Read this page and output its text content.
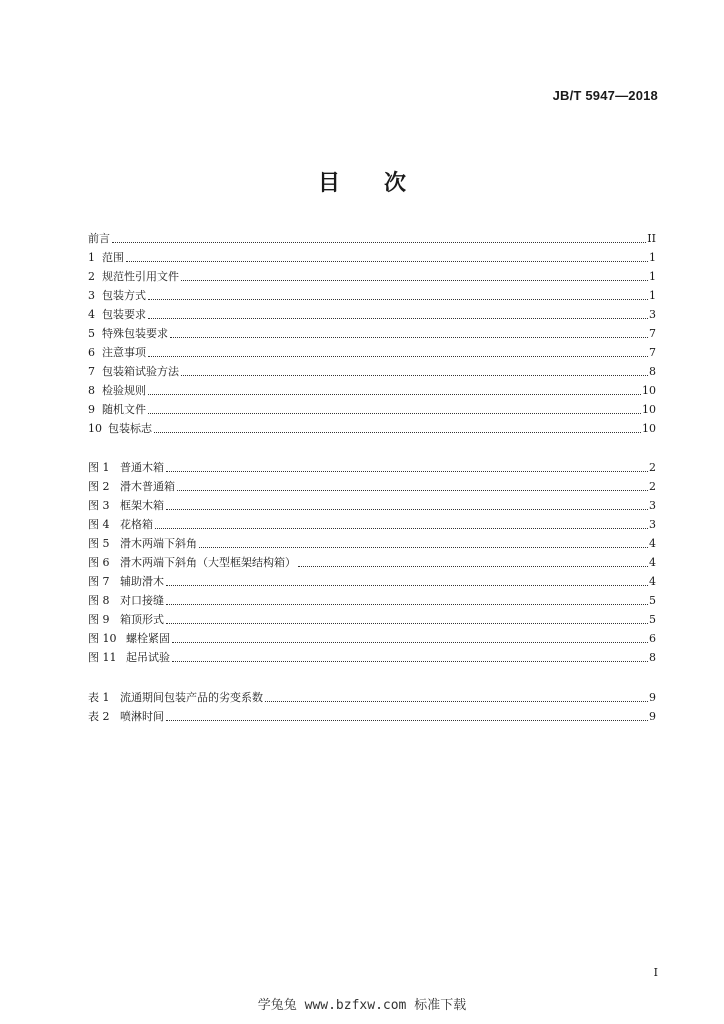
JB/T 5947—2018
目 次
前言	II
1 范围	1
2 规范性引用文件	1
3 包装方式	1
4 包装要求	3
5 特殊包装要求	7
6 注意事项	7
7 包装箱试验方法	8
8 检验规则	10
9 随机文件	10
10 包装标志	10
图 1 普通木箱	2
图 2 滑木普通箱	2
图 3 框架木箱	3
图 4 花格箱	3
图 5 滑木两端下斜角	4
图 6 滑木两端下斜角（大型框架结构箱）	4
图 7 辅助滑木	4
图 8 对口接缝	5
图 9 箱顶形式	5
图 10 螺栓紧固	6
图 11 起吊试验	8
表 1 流通期间包装产品的劣变系数	9
表 2 喷淋时间	9
I
学兔兔 www.bzfxw.com 标准下载
